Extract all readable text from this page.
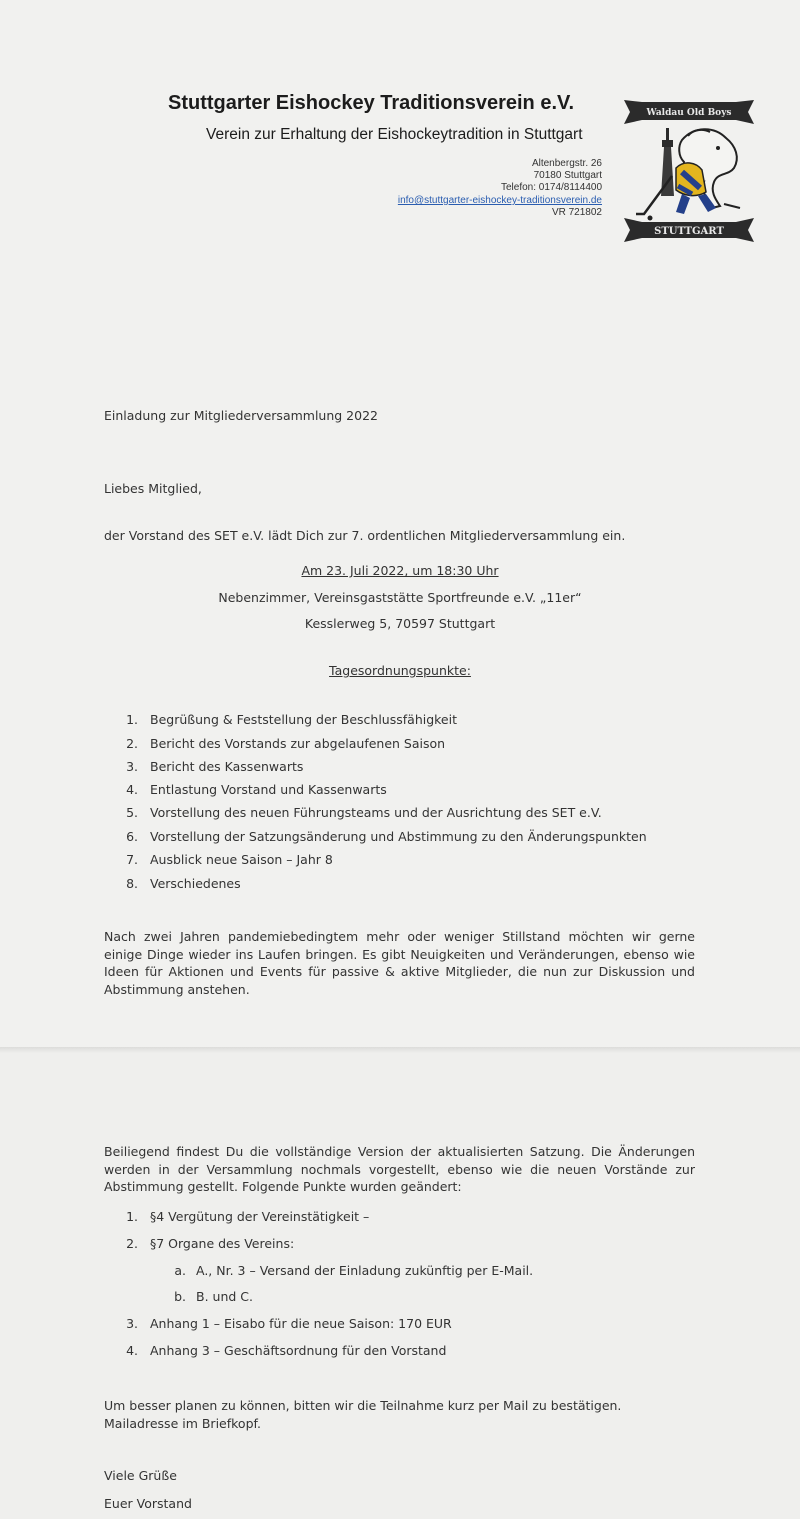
Stuttgarter Eishockey Traditionsverein e.V.
Verein zur Erhaltung der Eishockeytradition in Stuttgart
Altenbergstr. 26
70180 Stuttgart
Telefon: 0174/8114400
info@stuttgarter-eishockey-traditionsverein.de
VR 721802
Waldau Old Boys
STUTTGART
Einladung zur Mitgliederversammlung 2022
Liebes Mitglied,
der Vorstand des SET e.V. lädt Dich zur 7. ordentlichen Mitgliederversammlung ein.
Am 23. Juli 2022, um 18:30 Uhr
Nebenzimmer, Vereinsgaststätte Sportfreunde e.V. „11er“
Kesslerweg 5, 70597 Stuttgart
Tagesordnungspunkte:
1. Begrüßung & Feststellung der Beschlussfähigkeit
2. Bericht des Vorstands zur abgelaufenen Saison
3. Bericht des Kassenwarts
4. Entlastung Vorstand und Kassenwarts
5. Vorstellung des neuen Führungsteams und der Ausrichtung des SET e.V.
6. Vorstellung der Satzungsänderung und Abstimmung zu den Änderungspunkten
7. Ausblick neue Saison – Jahr 8
8. Verschiedenes
Nach zwei Jahren pandemiebedingtem mehr oder weniger Stillstand möchten wir gerne einige Dinge wieder ins Laufen bringen. Es gibt Neuigkeiten und Veränderungen, ebenso wie Ideen für Aktionen und Events für passive & aktive Mitglieder, die nun zur Diskussion und Abstimmung anstehen.
Beiliegend findest Du die vollständige Version der aktualisierten Satzung. Die Änderungen werden in der Versammlung nochmals vorgestellt, ebenso wie die neuen Vorstände zur Abstimmung gestellt. Folgende Punkte wurden geändert:
1. §4 Vergütung der Vereinstätigkeit –
2. §7 Organe des Vereins:
a. A., Nr. 3 – Versand der Einladung zukünftig per E-Mail.
b. B. und C.
3. Anhang 1 – Eisabo für die neue Saison: 170 EUR
4. Anhang 3 – Geschäftsordnung für den Vorstand
Um besser planen zu können, bitten wir die Teilnahme kurz per Mail zu bestätigen. Mailadresse im Briefkopf.
Viele Grüße
Euer Vorstand
